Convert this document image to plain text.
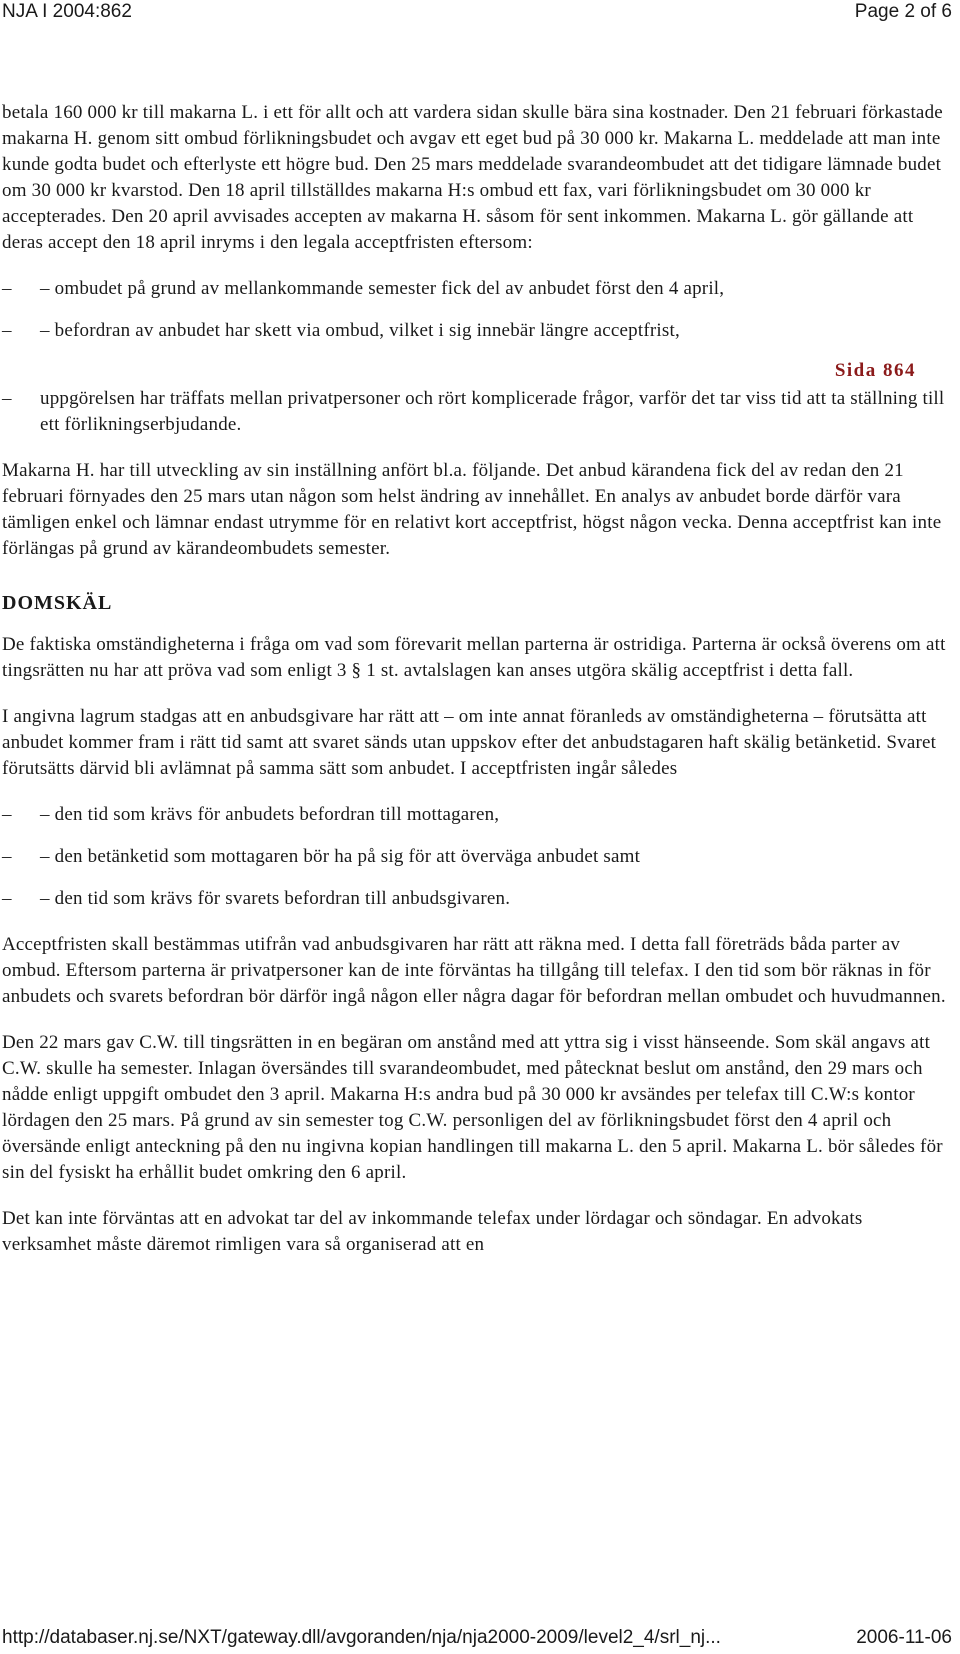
NJA I 2004:862	Page 2 of 6

betala 160 000 kr till makarna L. i ett för allt och att vardera sidan skulle bära sina kostnader. Den 21 februari förkastade makarna H. genom sitt ombud förlikningsbudet och avgav ett eget bud på 30 000 kr. Makarna L. meddelade att man inte kunde godta budet och efterlyste ett högre bud. Den 25 mars meddelade svarandeombudet att det tidigare lämnade budet om 30 000 kr kvarstod. Den 18 april tillställdes makarna H:s ombud ett fax, vari förlikningsbudet om 30 000 kr accepterades. Den 20 april avvisades accepten av makarna H. såsom för sent inkommen. Makarna L. gör gällande att deras accept den 18 april inryms i den legala acceptfristen eftersom:

– – ombudet på grund av mellankommande semester fick del av anbudet först den 4 april,
– – befordran av anbudet har skett via ombud, vilket i sig innebär längre acceptfrist,
Sida 864
– uppgörelsen har träffats mellan privatpersoner och rört komplicerade frågor, varför det tar viss tid att ta ställning till ett förlikningserbjudande.

Makarna H. har till utveckling av sin inställning anfört bl.a. följande. Det anbud kärandena fick del av redan den 21 februari förnyades den 25 mars utan någon som helst ändring av innehållet. En analys av anbudet borde därför vara tämligen enkel och lämnar endast utrymme för en relativt kort acceptfrist, högst någon vecka. Denna acceptfrist kan inte förlängas på grund av kärandeombudets semester.

DOMSKÄL

De faktiska omständigheterna i fråga om vad som förevarit mellan parterna är ostridiga. Parterna är också överens om att tingsrätten nu har att pröva vad som enligt 3 § 1 st. avtalslagen kan anses utgöra skälig acceptfrist i detta fall.

I angivna lagrum stadgas att en anbudsgivare har rätt att – om inte annat föranleds av omständigheterna – förutsätta att anbudet kommer fram i rätt tid samt att svaret sänds utan uppskov efter det anbudstagaren haft skälig betänketid. Svaret förutsätts därvid bli avlämnat på samma sätt som anbudet. I acceptfristen ingår således

– – den tid som krävs för anbudets befordran till mottagaren,
– – den betänketid som mottagaren bör ha på sig för att överväga anbudet samt
– – den tid som krävs för svarets befordran till anbudsgivaren.

Acceptfristen skall bestämmas utifrån vad anbudsgivaren har rätt att räkna med. I detta fall företräds båda parter av ombud. Eftersom parterna är privatpersoner kan de inte förväntas ha tillgång till telefax. I den tid som bör räknas in för anbudets och svarets befordran bör därför ingå någon eller några dagar för befordran mellan ombudet och huvudmannen.

Den 22 mars gav C.W. till tingsrätten in en begäran om anstånd med att yttra sig i visst hänseende. Som skäl angavs att C.W. skulle ha semester. Inlagan översändes till svarandeombudet, med påtecknat beslut om anstånd, den 29 mars och nådde enligt uppgift ombudet den 3 april. Makarna H:s andra bud på 30 000 kr avsändes per telefax till C.W:s kontor lördagen den 25 mars. På grund av sin semester tog C.W. personligen del av förlikningsbudet först den 4 april och översände enligt anteckning på den nu ingivna kopian handlingen till makarna L. den 5 april. Makarna L. bör således för sin del fysiskt ha erhållit budet omkring den 6 april.

Det kan inte förväntas att en advokat tar del av inkommande telefax under lördagar och söndagar. En advokats verksamhet måste däremot rimligen vara så organiserad att en

http://databaser.nj.se/NXT/gateway.dll/avgoranden/nja/nja2000-2009/level2_4/srl_nj...	2006-11-06
